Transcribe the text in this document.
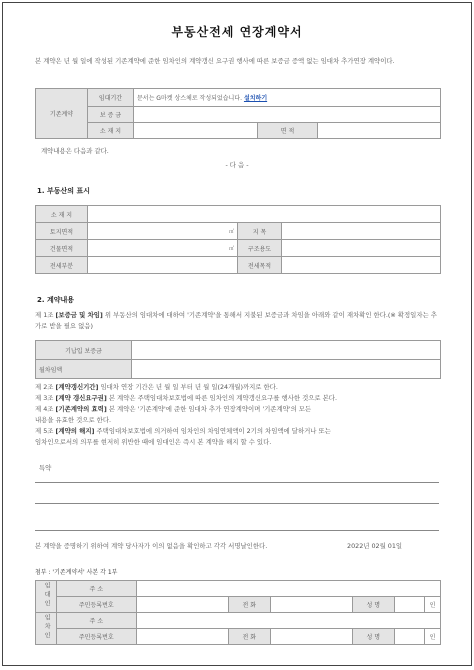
부동산전세 연장계약서
본 계약은 년 월 일에 작성된 기존계약에 준한 임차인의 계약갱신 요구권 행사에 따른 보증금 증액 없는 임대차 추가연장 계약이다.
기존계약	임대기간	문서는 G마켓 상스체로 작성되었습니다. 설치하기		
	보 증 금			
	소 재 지		면 적	
계약내용은 다음과 같다.
- 다 음 -
1. 부동산의 표시
소 재 지			
토지면적	㎡	지 목	
건물면적	㎡	구조용도	
전세부분		전세목적	
2. 계약내용
제 1조 [보증금 및 차임] 위 부동산의 임대차에 대하여 '기존계약'을 통해서 지불된 보증금과 차임을 아래와 같이 재차확인 한다.(※ 확정일자는 추가로 받을 필요 없음)
기납입 보증금	
월차임액	
제 2조 [계약갱신기간] 임대차 연장 기간은 년 월 일 부터 년 월 일(24개월)까지로 한다.
제 3조 [계약 갱신요구권] 본 계약은 주택임대차보호법에 따른 임차인의 계약갱신요구를 행사한 것으로 본다.
제 4조 [기존계약의 효력] 본 계약은 '기존계약'에 준한 임대차 추가 연장계약이며 '기존계약'의 모든
내용을 유효한 것으로 한다.
제 5조 [계약의 해지] 주택임대차보호법에 의거하여 임차인의 차임연체액이 2기의 차임액에 달하거나 또는
임차인으로서의 의무를 현저히 위반한 때에 임대인은 즉시 본 계약을 해지 할 수 있다.
특약
본 계약을 증명하기 위하여 계약 당사자가 이의 없음을 확인하고 각각 서명날인한다.	2022년 02월 01일
첨부 : '기존계약서' 사본 각 1부
임대인	주 소						
	주민등록번호		전 화		성 명		인
임차인	주 소						
	주민등록번호		전 화		성 명		인
